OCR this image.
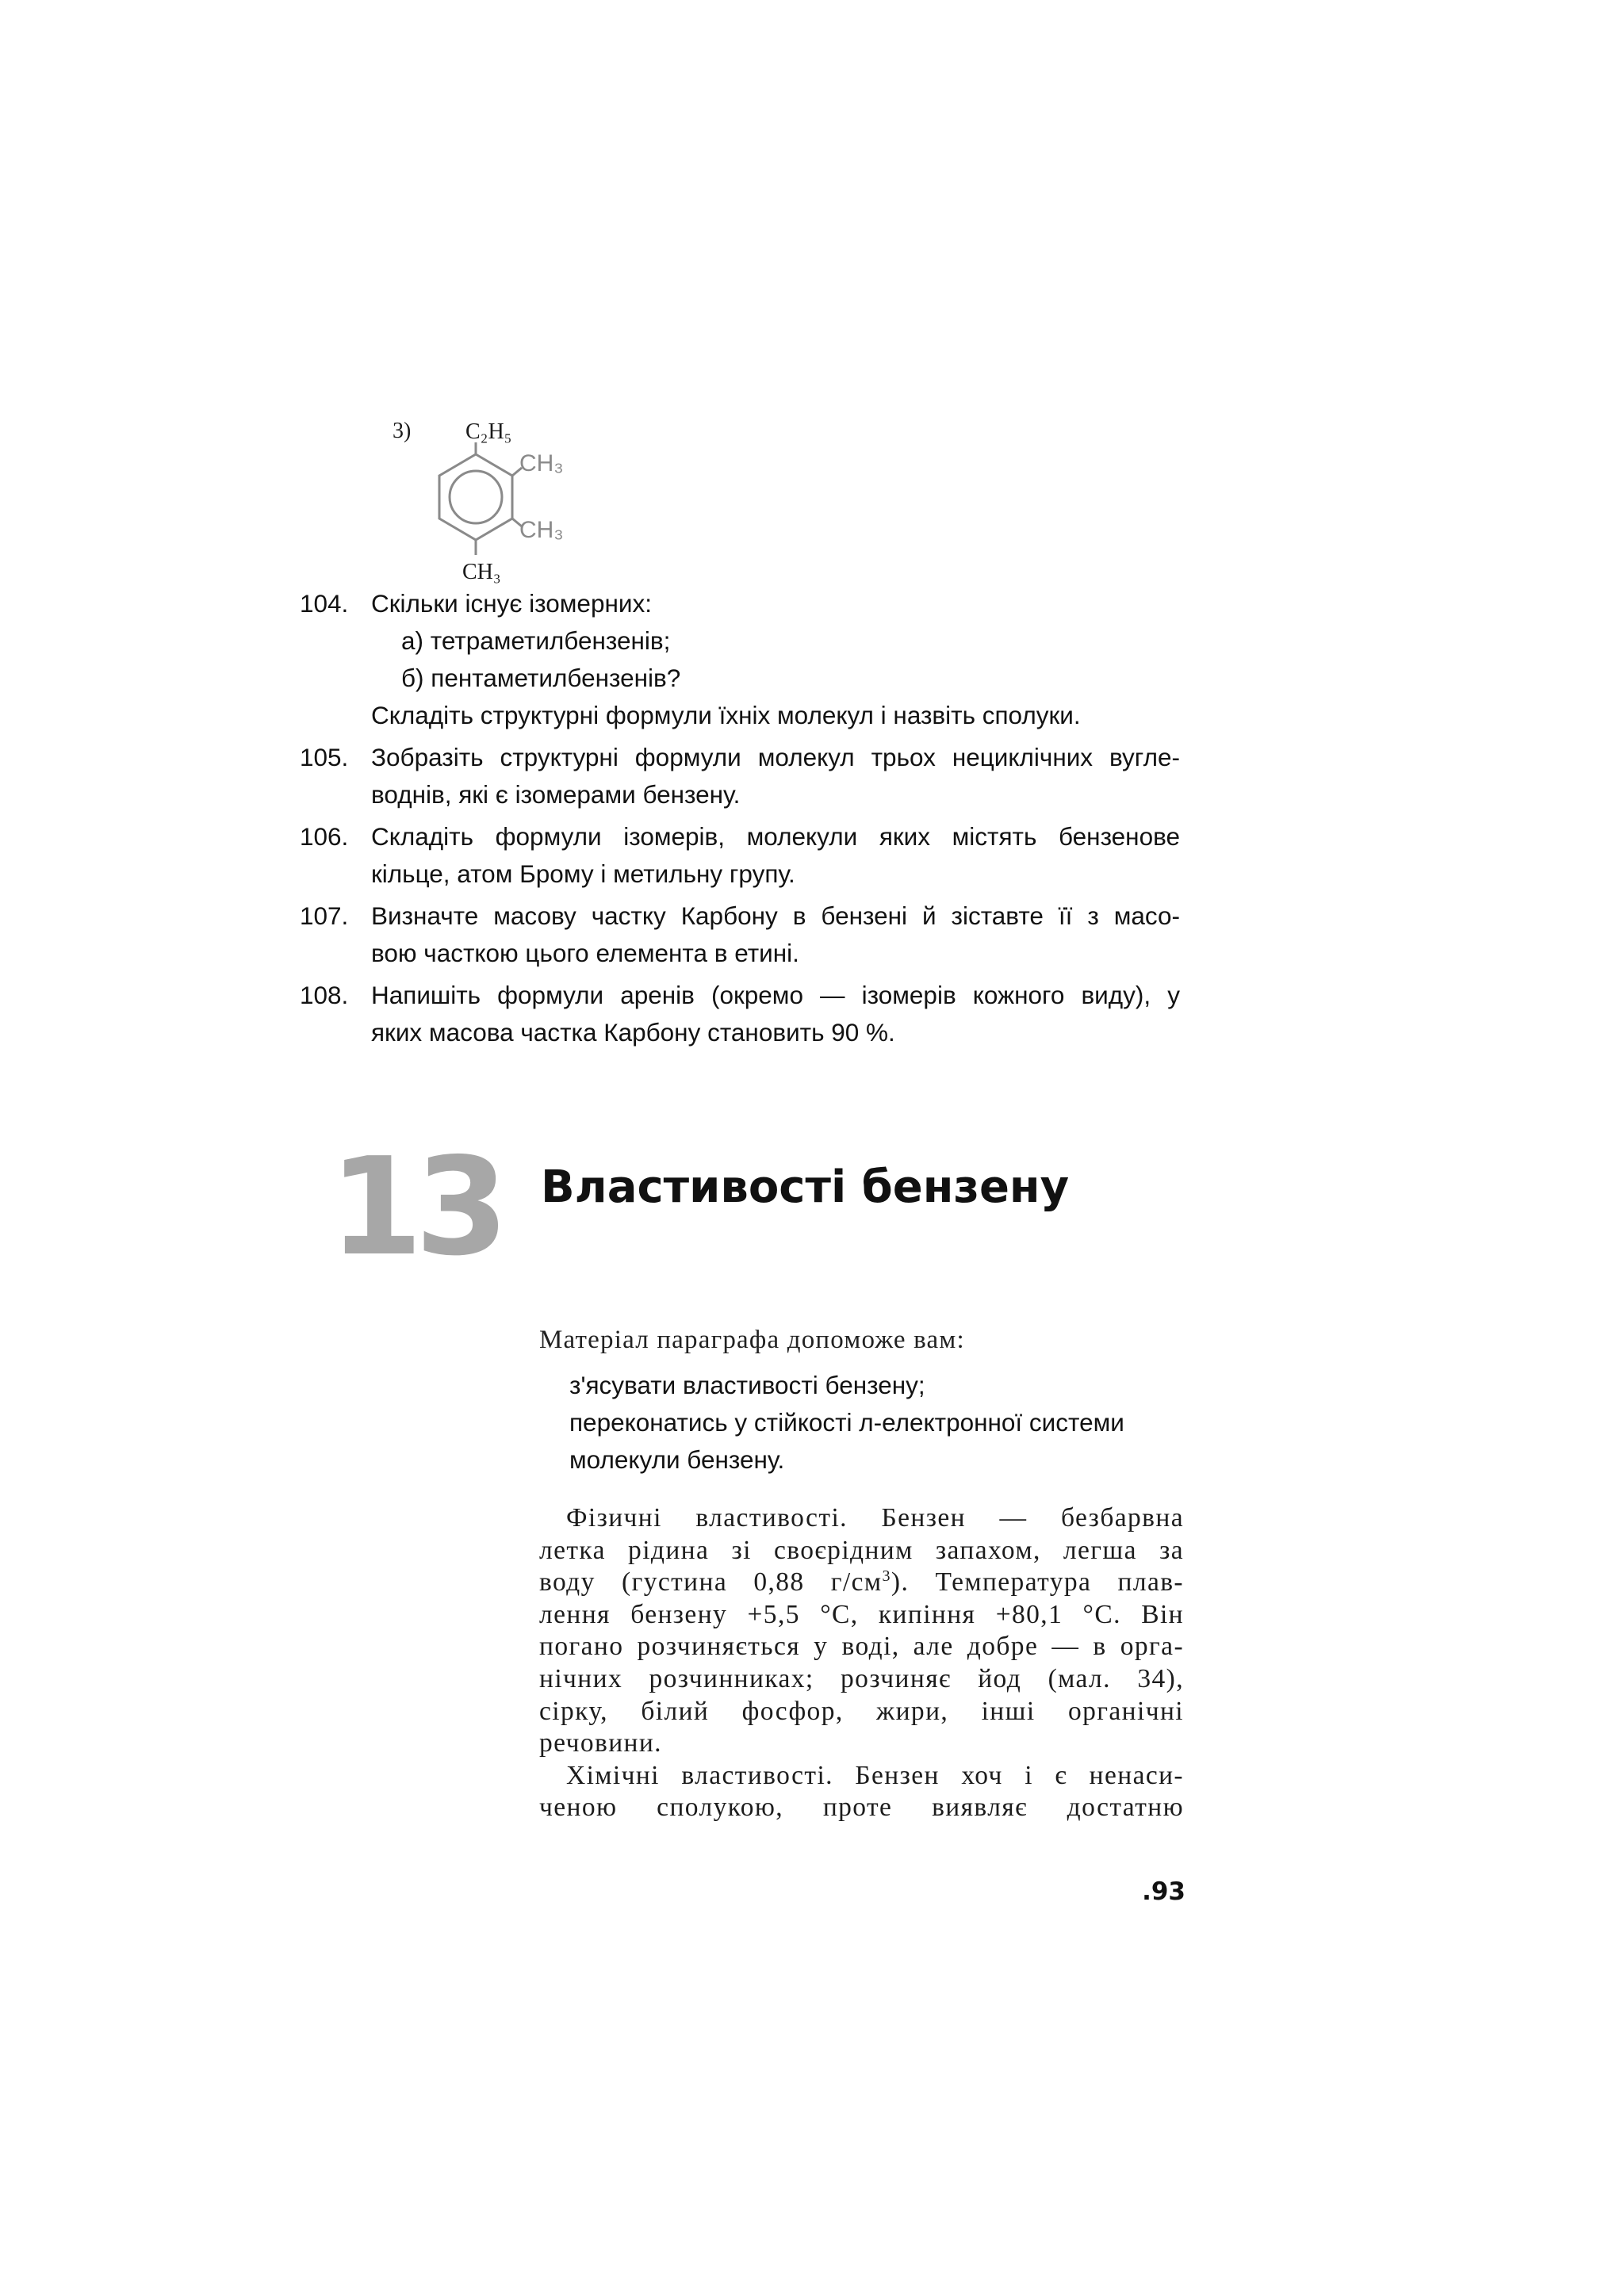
3) C₂H₅
CH₃
CH₃
CH₃
104. Скільки існує ізомерних:
а) тетраметилбензенів;
б) пентаметилбензенів?
Складіть структурні формули їхніх молекул і назвіть сполуки.
105. Зобразіть структурні формули молекул трьох нециклічних вугле-
воднів, які є ізомерами бензену.
106. Складіть формули ізомерів, молекули яких містять бензенове
кільце, атом Брому і метильну групу.
107. Визначте масову частку Карбону в бензені й зіставте її з масо-
вою часткою цього елемента в етині.
108. Напишіть формули аренів (окремо — ізомерів кожного виду), у
яких масова частка Карбону становить 90 %.
13 Властивості бензену
Матеріал параграфа допоможе вам:
з'ясувати властивості бензену;
переконатись у стійкості л-електронної системи
молекули бензену.
Фізичні властивості. Бензен — безбарвна
летка рідина зі своєрідним запахом, легша за
воду (густина 0,88 $г/см^3$). Температура плав-
лення бензену +5,5 °С, кипіння +80,1 °С. Він
погано розчиняється у воді, але добре — в орга-
нічних розчинниках; розчиняє йод (мал. 34),
сірку, білий фосфор, жири, інші органічні
речовини.
Хімічні властивості. Бензен хоч і є ненаси-
ченою сполукою, проте виявляє достатню
.93
